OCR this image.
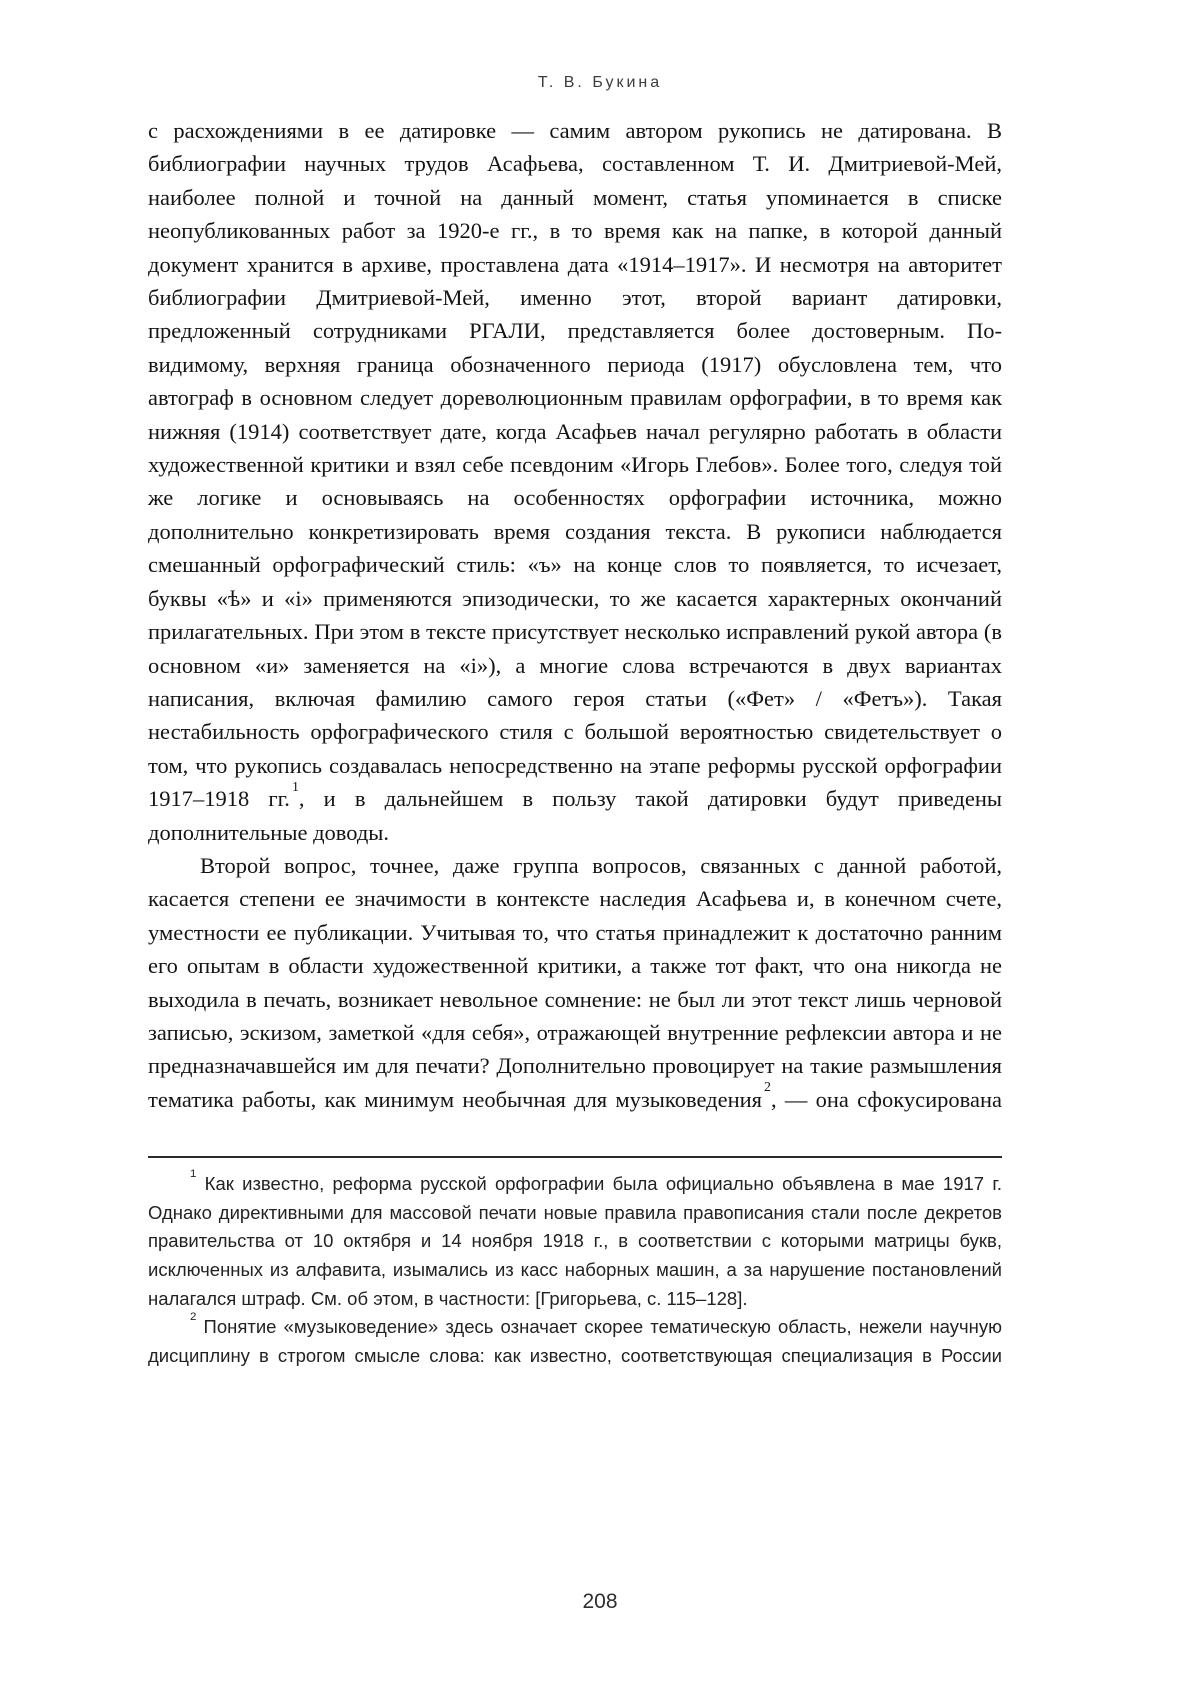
Т. В. Букина

с расхождениями в ее датировке — самим автором рукопись не датирована. В библиографии научных трудов Асафьева, составленном Т. И. Дмитриевой-Мей, наиболее полной и точной на данный момент, статья упоминается в списке неопубликованных работ за 1920-е гг., в то время как на папке, в которой данный документ хранится в архиве, проставлена дата «1914–1917». И несмотря на авторитет библиографии Дмитриевой-Мей, именно этот, второй вариант датировки, предложенный сотрудниками РГАЛИ, представляется более достоверным. По-видимому, верхняя граница обозначенного периода (1917) обусловлена тем, что автограф в основном следует дореволюционным правилам орфографии, в то время как нижняя (1914) соответствует дате, когда Асафьев начал регулярно работать в области художественной критики и взял себе псевдоним «Игорь Глебов». Более того, следуя той же логике и основываясь на особенностях орфографии источника, можно дополнительно конкретизировать время создания текста. В рукописи наблюдается смешанный орфографический стиль: «ъ» на конце слов то появляется, то исчезает, буквы «ѣ» и «i» применяются эпизодически, то же касается характерных окончаний прилагательных. При этом в тексте присутствует несколько исправлений рукой автора (в основном «и» заменяется на «i»), а многие слова встречаются в двух вариантах написания, включая фамилию самого героя статьи («Фет» / «Фетъ»). Такая нестабильность орфографического стиля с большой вероятностью свидетельствует о том, что рукопись создавалась непосредственно на этапе реформы русской орфографии 1917–1918 гг. $^1$, и в дальнейшем в пользу такой датировки будут приведены дополнительные доводы.

Второй вопрос, точнее, даже группа вопросов, связанных с данной работой, касается степени ее значимости в контексте наследия Асафьева и, в конечном счете, уместности ее публикации. Учитывая то, что статья принадлежит к достаточно ранним его опытам в области художественной критики, а также тот факт, что она никогда не выходила в печать, возникает невольное сомнение: не был ли этот текст лишь черновой записью, эскизом, заметкой «для себя», отражающей внутренние рефлексии автора и не предназначавшейся им для печати? Дополнительно провоцирует на такие размышления тематика работы, как минимум необычная для музыковедения $^2$, — она сфокусирована

$^1$ Как известно, реформа русской орфографии была официально объявлена в мае 1917 г. Однако директивными для массовой печати новые правила правописания стали после декретов правительства от 10 октября и 14 ноября 1918 г., в соответствии с которыми матрицы букв, исключенных из алфавита, изымались из касс наборных машин, а за нарушение постановлений налагался штраф. См. об этом, в частности: [Григорьева, с. 115–128].

$^2$ Понятие «музыковедение» здесь означает скорее тематическую область, нежели научную дисциплину в строгом смысле слова: как известно, соответствующая специализация в России

208
